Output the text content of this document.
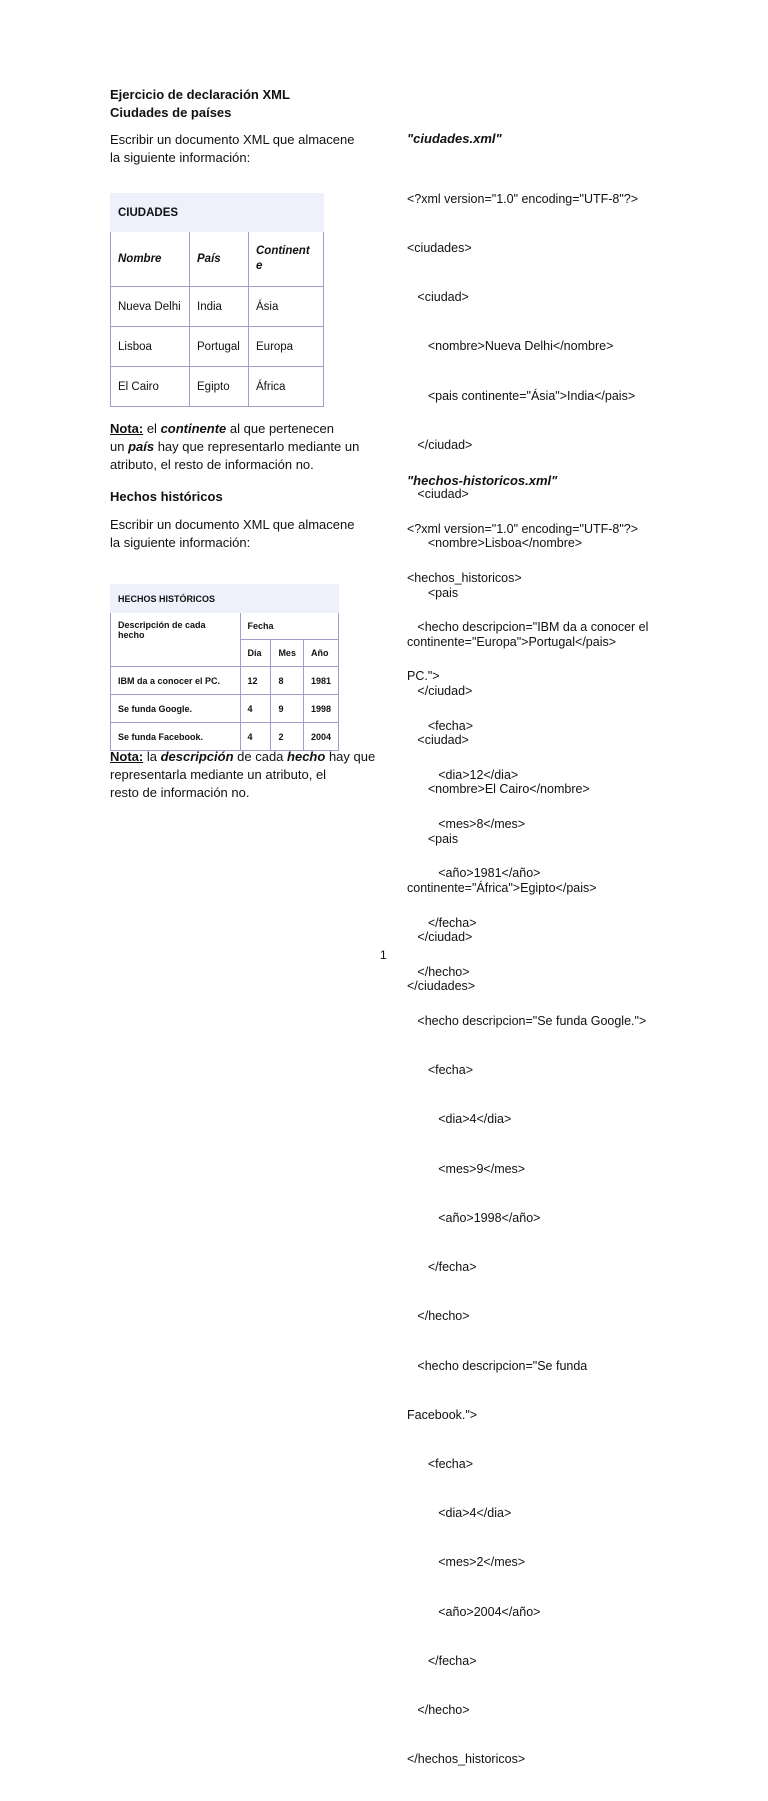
Ejercicio de declaración XML
Ciudades de países
Escribir un documento XML que almacene
la siguiente información:
CIUDADES		
Nombre	País	Continent
e
Nueva Delhi	India	Ásia
Lisboa	Portugal	Europa
El Cairo	Egipto	África
Nota: el continente al que pertenecen
un país hay que representarlo mediante un
atributo, el resto de información no.
Hechos históricos
Escribir un documento XML que almacene
la siguiente información:
HECHOS HISTÓRICOS			
Descripción de cada hecho	Fecha		
	Día	Mes	Año
IBM da a conocer el PC.	12	8	1981
Se funda Google.	4	9	1998
Se funda Facebook.	4	2	2004
Nota: la descripción de cada hecho hay que
representarla mediante un atributo, el
resto de información no.
"ciudades.xml"

<?xml version="1.0" encoding="UTF-8"?>

<ciudades>

<ciudad>

<nombre>Nueva Delhi</nombre>

<pais continente="Ásia">India</pais>

</ciudad>

<ciudad>

<nombre>Lisboa</nombre>

<pais

continente="Europa">Portugal</pais>

</ciudad>

<ciudad>

<nombre>El Cairo</nombre>

<pais

continente="África">Egipto</pais>

</ciudad>

</ciudades>

"hechos-historicos.xml"

<?xml version="1.0" encoding="UTF-8"?>

<hechos_historicos>

<hecho descripcion="IBM da a conocer el

PC.">

<fecha>

<dia>12</dia>

<mes>8</mes>

<año>1981</año>

</fecha>

</hecho>

<hecho descripcion="Se funda Google.">

<fecha>

<dia>4</dia>

<mes>9</mes>

<año>1998</año>

</fecha>

</hecho>

<hecho descripcion="Se funda

Facebook.">

<fecha>

<dia>4</dia>

<mes>2</mes>

<año>2004</año>

</fecha>

</hecho>

</hechos_historicos>

1
